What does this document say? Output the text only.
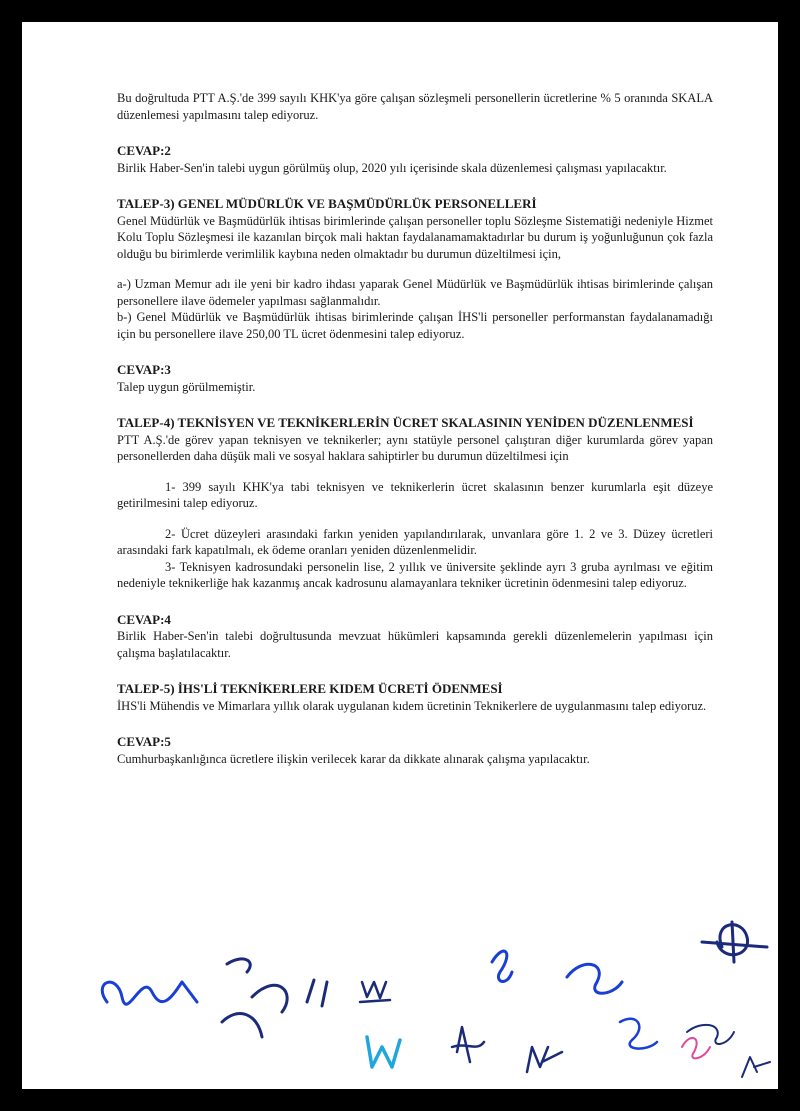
Bu doğrultuda PTT A.Ş.'de 399 sayılı KHK'ya göre çalışan sözleşmeli personellerin ücretlerine % 5 oranında SKALA düzenlemesi yapılmasını talep ediyoruz.

CEVAP:2

Birlik Haber-Sen'in talebi uygun görülmüş olup, 2020 yılı içerisinde skala düzenlemesi çalışması yapılacaktır.

TALEP-3) GENEL MÜDÜRLÜK VE BAŞMÜDÜRLÜK PERSONELLERİ

Genel Müdürlük ve Başmüdürlük ihtisas birimlerinde çalışan personeller toplu Sözleşme Sistematiği nedeniyle Hizmet Kolu Toplu Sözleşmesi ile kazanılan birçok mali haktan faydalanamamaktadırlar bu durum iş yoğunluğunun çok fazla olduğu bu birimlerde verimlilik kaybına neden olmaktadır bu durumun düzeltilmesi için,

a-) Uzman Memur adı ile yeni bir kadro ihdası yaparak Genel Müdürlük ve Başmüdürlük ihtisas birimlerinde çalışan personellere ilave ödemeler yapılması sağlanmalıdır.

b-) Genel Müdürlük ve Başmüdürlük ihtisas birimlerinde çalışan İHS'li personeller performanstan faydalanamadığı için bu personellere ilave 250,00 TL ücret ödenmesini talep ediyoruz.

CEVAP:3

Talep uygun görülmemiştir.

TALEP-4) TEKNİSYEN VE TEKNİKERLERİN ÜCRET SKALASININ YENİDEN DÜZENLENMESİ

PTT A.Ş.'de görev yapan teknisyen ve teknikerler; aynı statüyle personel çalıştıran diğer kurumlarda görev yapan personellerden daha düşük mali ve sosyal haklara sahiptirler bu durumun düzeltilmesi için

1- 399 sayılı KHK'ya tabi teknisyen ve teknikerlerin ücret skalasının benzer kurumlarla eşit düzeye getirilmesini talep ediyoruz.

2- Ücret düzeyleri arasındaki farkın yeniden yapılandırılarak, unvanlara göre 1. 2 ve 3. Düzey ücretleri arasındaki fark kapatılmalı, ek ödeme oranları yeniden düzenlenmelidir.

3- Teknisyen kadrosundaki personelin lise, 2 yıllık ve üniversite şeklinde ayrı 3 gruba ayrılması ve eğitim nedeniyle teknikerliğe hak kazanmış ancak kadrosunu alamayanlara tekniker ücretinin ödenmesini talep ediyoruz.

CEVAP:4

Birlik Haber-Sen'in talebi doğrultusunda mevzuat hükümleri kapsamında gerekli düzenlemelerin yapılması için çalışma başlatılacaktır.

TALEP-5) İHS'Lİ TEKNİKERLERE KIDEM ÜCRETİ ÖDENMESİ

İHS'li Mühendis ve Mimarlara yıllık olarak uygulanan kıdem ücretinin Teknikerlere de uygulanmasını talep ediyoruz.

CEVAP:5

Cumhurbaşkanlığınca ücretlere ilişkin verilecek karar da dikkate alınarak çalışma yapılacaktır.
